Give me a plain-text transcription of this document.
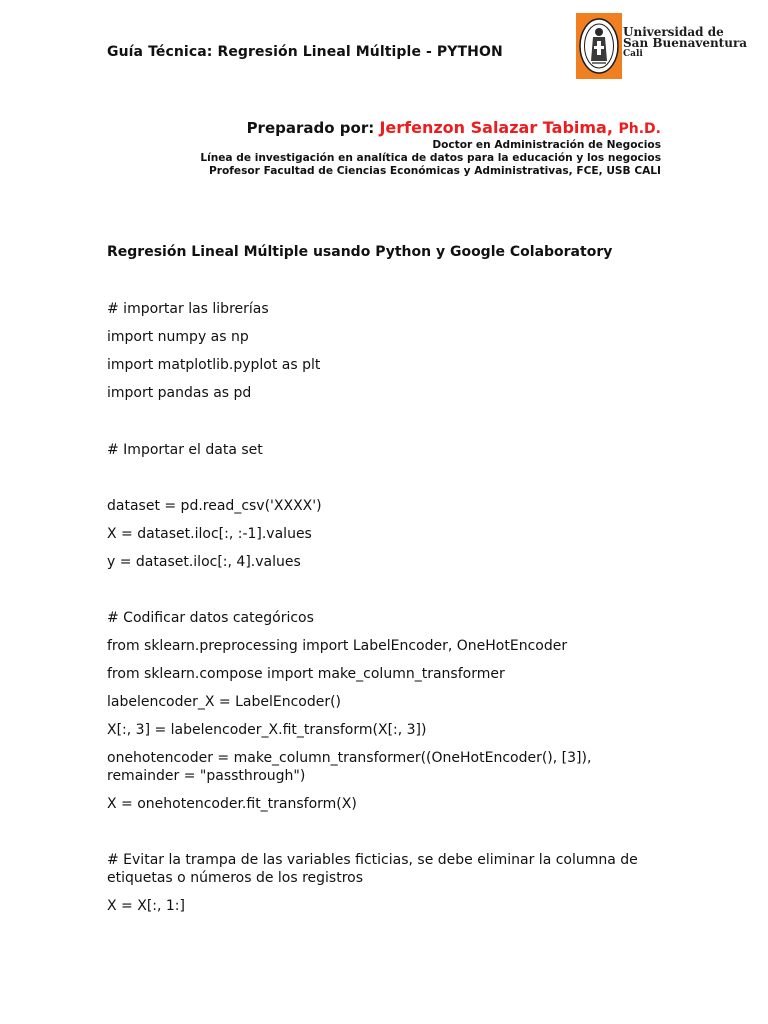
Guía Técnica: Regresión Lineal Múltiple - PYTHON
Universidad de
San Buenaventura
Cali
Preparado por: Jerfenzon Salazar Tabima, Ph.D.
Doctor en Administración de Negocios
Línea de investigación en analítica de datos para la educación y los negocios
Profesor Facultad de Ciencias Económicas y Administrativas, FCE, USB CALI
Regresión Lineal Múltiple usando Python y Google Colaboratory
# importar las librerías
import numpy as np
import matplotlib.pyplot as plt
import pandas as pd
# Importar el data set
dataset = pd.read_csv('XXXX')
X = dataset.iloc[:, :-1].values
y = dataset.iloc[:, 4].values
# Codificar datos categóricos
from sklearn.preprocessing import LabelEncoder, OneHotEncoder
from sklearn.compose import make_column_transformer
labelencoder_X = LabelEncoder()
X[:, 3] = labelencoder_X.fit_transform(X[:, 3])
onehotencoder = make_column_transformer((OneHotEncoder(), [3]), remainder = "passthrough")
X = onehotencoder.fit_transform(X)
# Evitar la trampa de las variables ficticias, se debe eliminar la columna de etiquetas o números de los registros
X = X[:, 1:]
